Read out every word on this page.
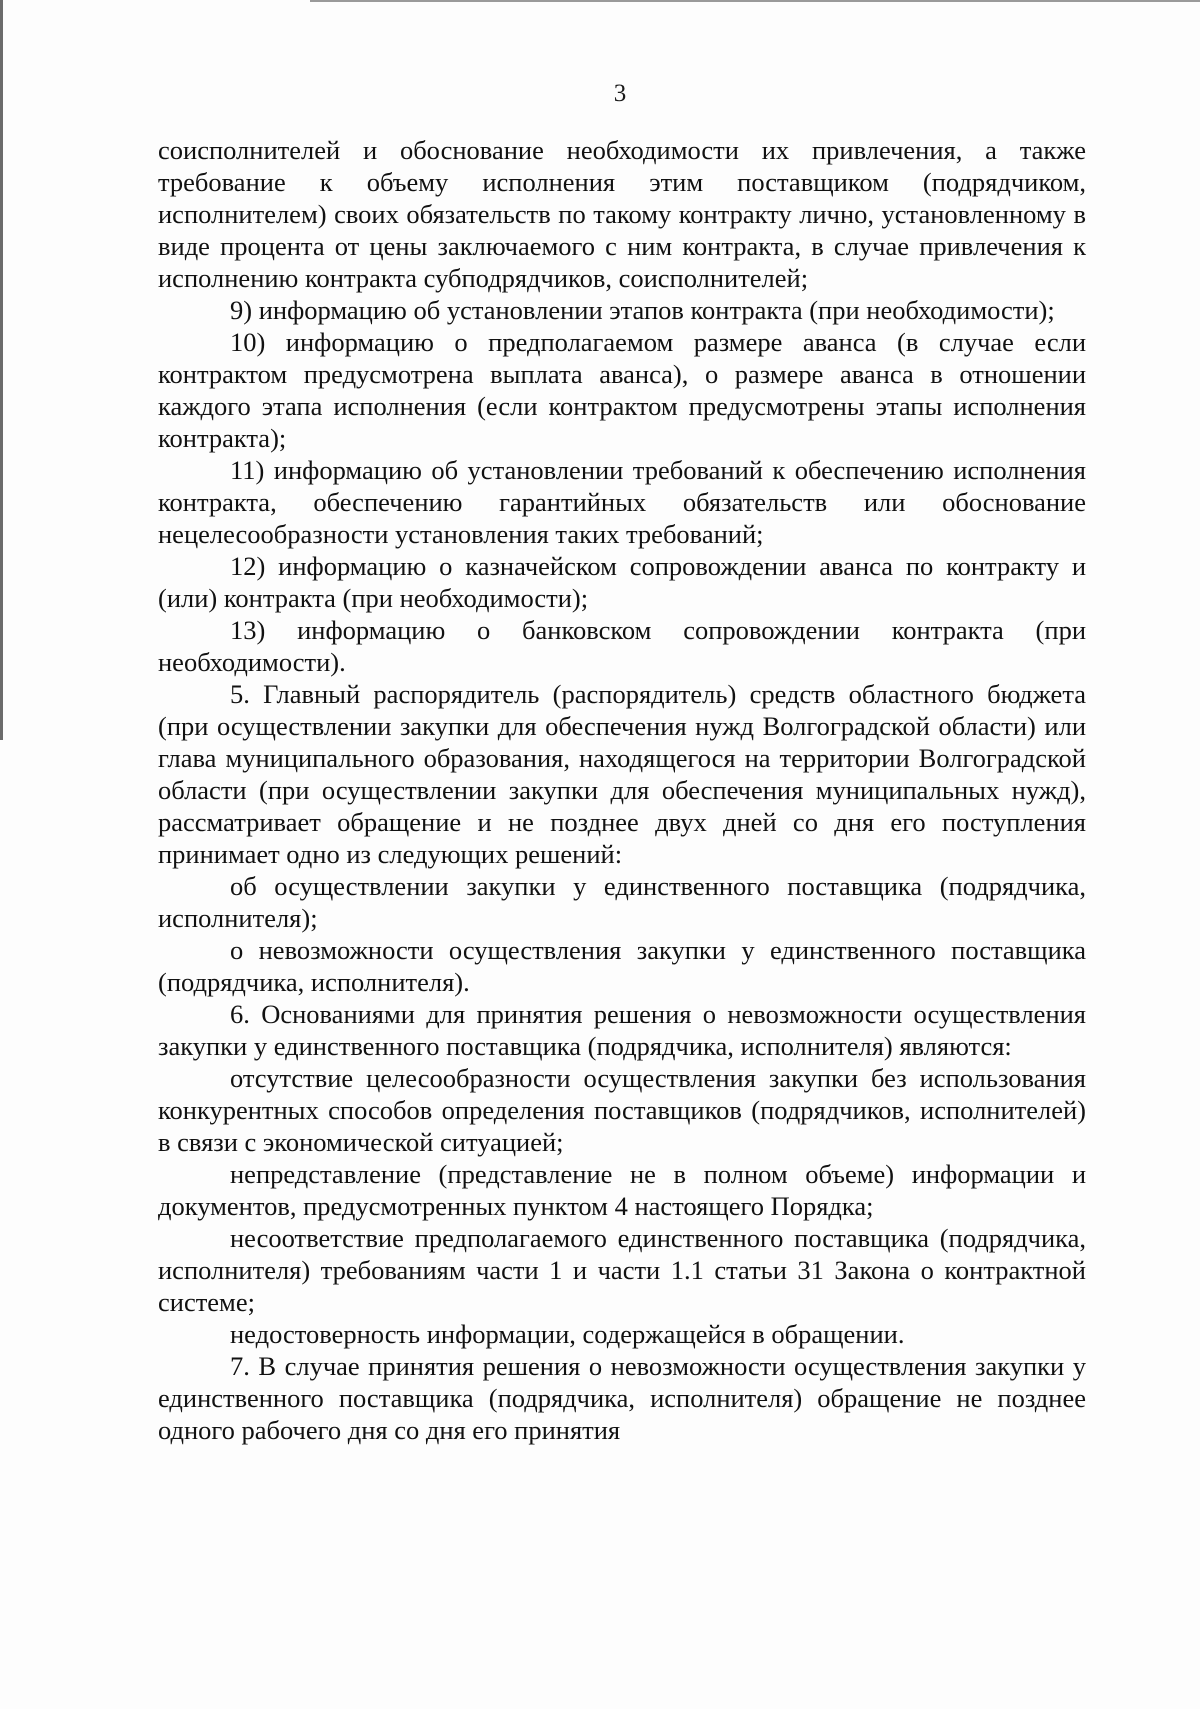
3

соисполнителей и обоснование необходимости их привлечения, а также требование к объему исполнения этим поставщиком (подрядчиком, исполнителем) своих обязательств по такому контракту лично, установленному в виде процента от цены заключаемого с ним контракта, в случае привлечения к исполнению контракта субподрядчиков, соисполнителей;

9) информацию об установлении этапов контракта (при необходимости);

10) информацию о предполагаемом размере аванса (в случае если контрактом предусмотрена выплата аванса), о размере аванса в отношении каждого этапа исполнения (если контрактом предусмотрены этапы исполнения контракта);

11) информацию об установлении требований к обеспечению исполнения контракта, обеспечению гарантийных обязательств или обоснование нецелесообразности установления таких требований;

12) информацию о казначейском сопровождении аванса по контракту и (или) контракта (при необходимости);

13) информацию о банковском сопровождении контракта (при необходимости).

5. Главный распорядитель (распорядитель) средств областного бюджета (при осуществлении закупки для обеспечения нужд Волгоградской области) или глава муниципального образования, находящегося на территории Волгоградской области (при осуществлении закупки для обеспечения муниципальных нужд), рассматривает обращение и не позднее двух дней со дня его поступления принимает одно из следующих решений:

об осуществлении закупки у единственного поставщика (подрядчика, исполнителя);

о невозможности осуществления закупки у единственного поставщика (подрядчика, исполнителя).

6. Основаниями для принятия решения о невозможности осуществления закупки у единственного поставщика (подрядчика, исполнителя) являются:

отсутствие целесообразности осуществления закупки без использования конкурентных способов определения поставщиков (подрядчиков, исполнителей) в связи с экономической ситуацией;

непредставление (представление не в полном объеме) информации и документов, предусмотренных пунктом 4 настоящего Порядка;

несоответствие предполагаемого единственного поставщика (подрядчика, исполнителя) требованиям части 1 и части 1.1 статьи 31 Закона о контрактной системе;

недостоверность информации, содержащейся в обращении.

7. В случае принятия решения о невозможности осуществления закупки у единственного поставщика (подрядчика, исполнителя) обращение не позднее одного рабочего дня со дня его принятия
